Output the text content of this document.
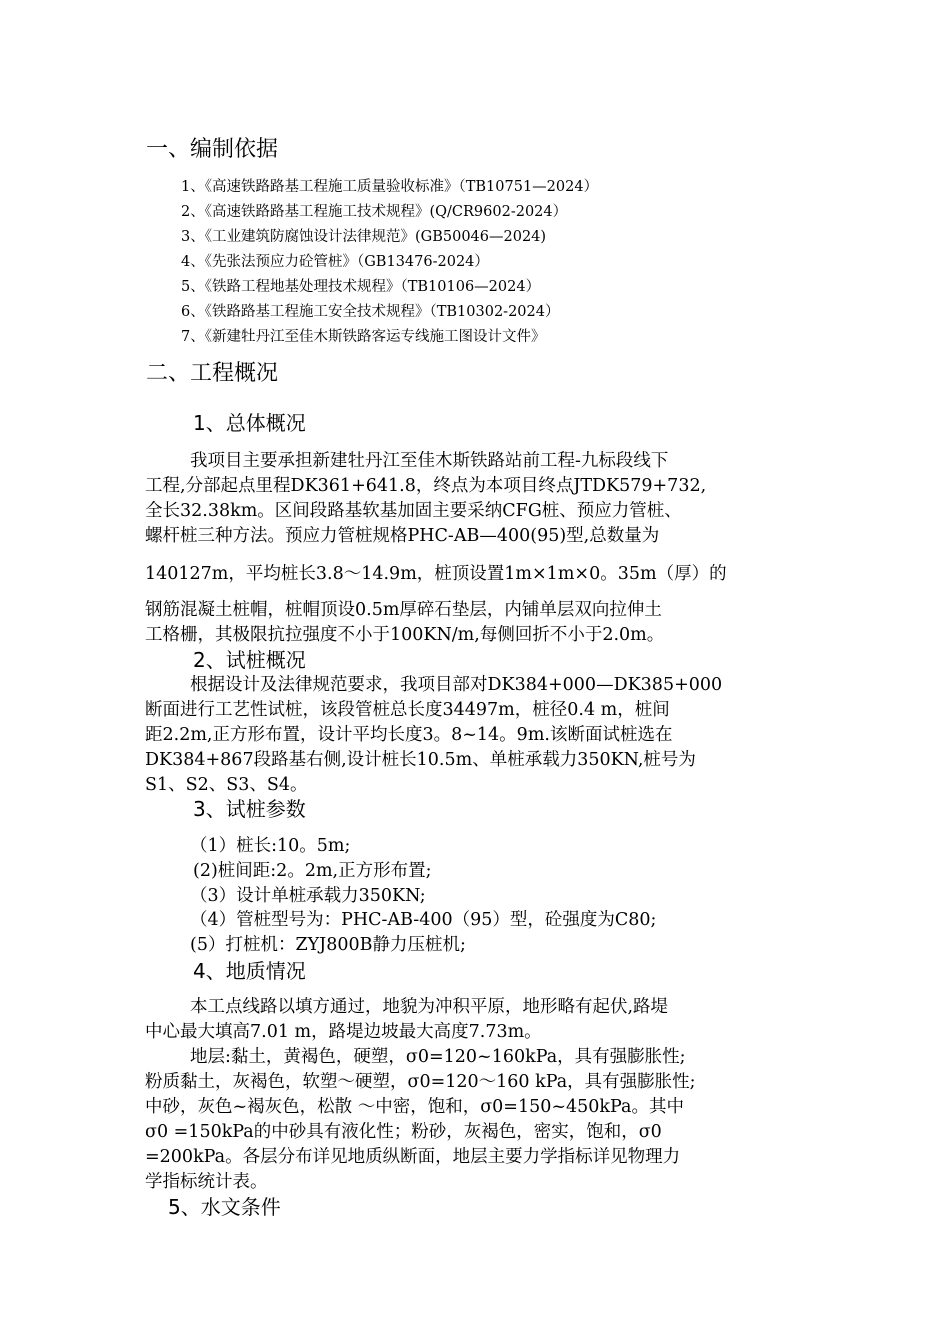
一、编制依据
1、《高速铁路路基工程施工质量验收标准》（TB10751—2024）
2、《高速铁路路基工程施工技术规程》(Q/CR9602-2024）
3、《工业建筑防腐蚀设计法律规范》(GB50046—2024)
4、《先张法预应力砼管桩》（GB13476-2024）
5、《铁路工程地基处理技术规程》（TB10106—2024）
6、《铁路路基工程施工安全技术规程》（TB10302-2024）
7、《新建牡丹江至佳木斯铁路客运专线施工图设计文件》
二、工程概况
1、总体概况
我项目主要承担新建牡丹江至佳木斯铁路站前工程-九标段线下
工程,分部起点里程DK361+641.8，终点为本项目终点JTDK579+732,
全长32.38km。区间段路基软基加固主要采纳CFG桩、预应力管桩、
螺杆桩三种方法。预应力管桩规格PHC-AB—400(95)型,总数量为
140127m，平均桩长3.8～14.9m，桩顶设置1m×1m×0。35m（厚）的
钢筋混凝土桩帽，桩帽顶设0.5m厚碎石垫层，内铺单层双向拉伸土
工格栅，其极限抗拉强度不小于100KN/m,每侧回折不小于2.0m。
2、试桩概况
根据设计及法律规范要求，我项目部对DK384+000—DK385+000
断面进行工艺性试桩，该段管桩总长度34497m，桩径0.4 m，桩间
距2.2m,正方形布置，设计平均长度3。8~14。9m.该断面试桩选在
DK384+867段路基右侧,设计桩长10.5m、单桩承载力350KN,桩号为
S1、S2、S3、S4。
3、试桩参数
（1）桩长:10。5m;
(2)桩间距:2。2m,正方形布置;
（3）设计单桩承载力350KN;
（4）管桩型号为：PHC-AB-400（95）型，砼强度为C80;
(5）打桩机：ZYJ800B静力压桩机;
4、地质情况
本工点线路以填方通过，地貌为冲积平原，地形略有起伏,路堤
中心最大填高7.01 m，路堤边坡最大高度7.73m。
地层:黏土，黄褐色，硬塑，σ0=120~160kPa，具有强膨胀性;
粉质黏土，灰褐色，软塑～硬塑，σ0=120～160 kPa，具有强膨胀性;
中砂，灰色~褐灰色，松散 ～中密，饱和，σ0=150~450kPa。其中
σ0 =150kPa的中砂具有液化性；粉砂，灰褐色，密实，饱和，σ0
=200kPa。各层分布详见地质纵断面，地层主要力学指标详见物理力
学指标统计表。
5、水文条件
